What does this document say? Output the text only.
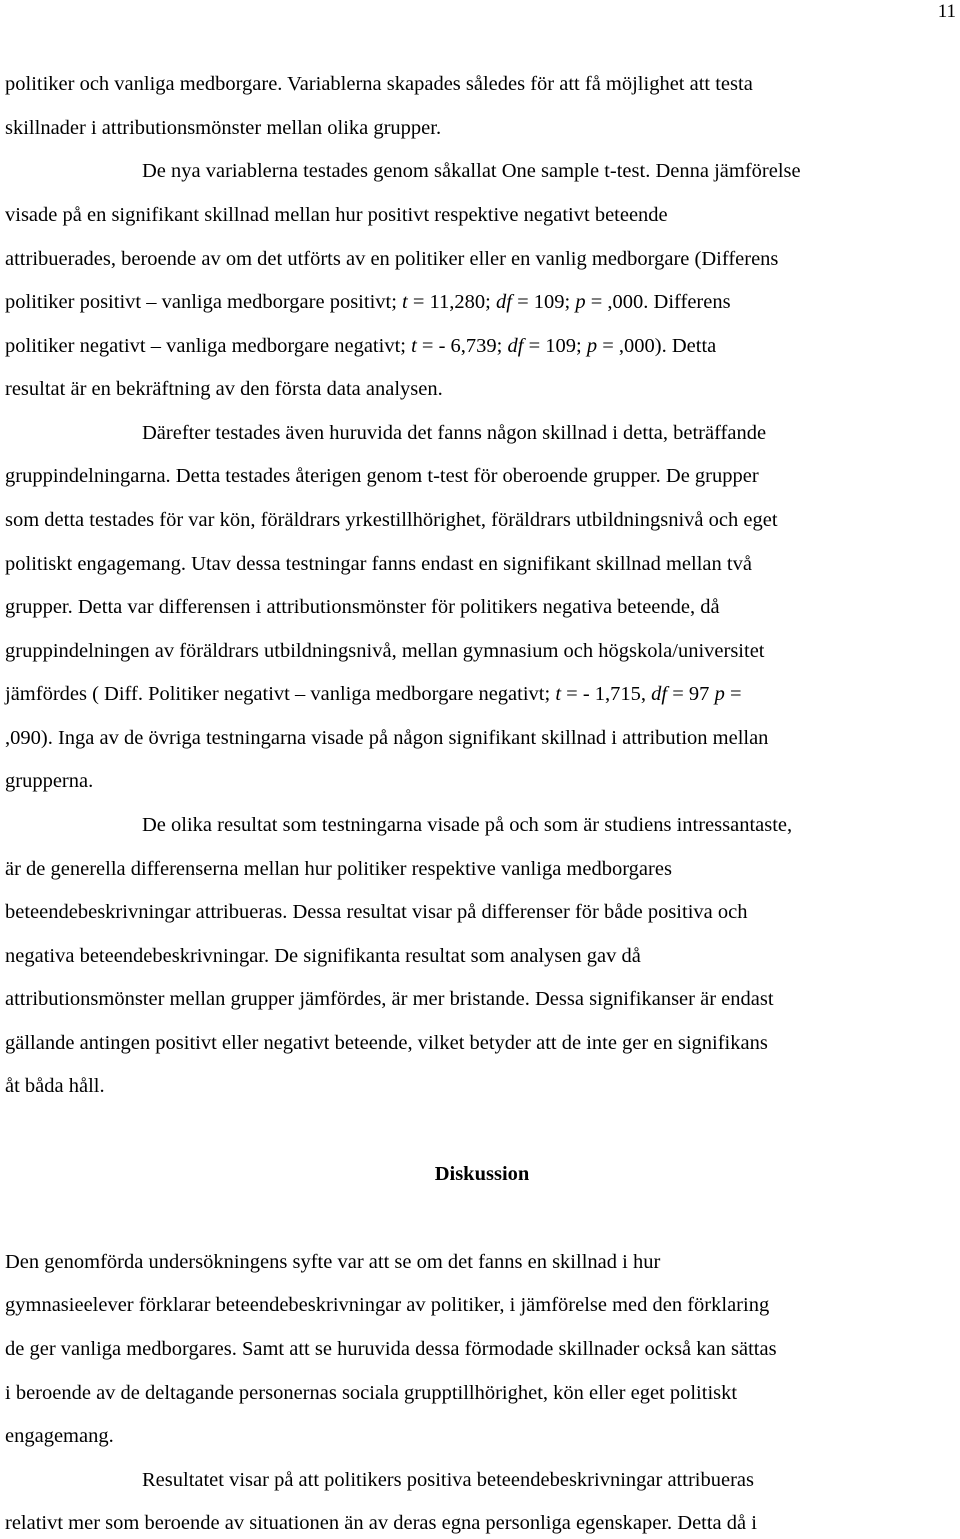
11
politiker och vanliga medborgare. Variablerna skapades således för att få möjlighet att testa
skillnader i attributionsmönster mellan olika grupper.
De nya variablerna testades genom såkallat One sample t-test. Denna jämförelse
visade på en signifikant skillnad mellan hur positivt respektive negativt beteende
attribuerades, beroende av om det utförts av en politiker eller en vanlig medborgare (Differens
politiker positivt – vanliga medborgare positivt; t = 11,280; df = 109; p = ,000. Differens
politiker negativt – vanliga medborgare negativt; t = - 6,739; df = 109; p = ,000). Detta
resultat är en bekräftning av den första data analysen.
Därefter testades även huruvida det fanns någon skillnad i detta, beträffande
gruppindelningarna. Detta testades återigen genom t-test för oberoende grupper. De grupper
som detta testades för var kön, föräldrars yrkestillhörighet, föräldrars utbildningsnivå och eget
politiskt engagemang. Utav dessa testningar fanns endast en signifikant skillnad mellan två
grupper. Detta var differensen i attributionsmönster för politikers negativa beteende, då
gruppindelningen av föräldrars utbildningsnivå, mellan gymnasium och högskola/universitet
jämfördes ( Diff. Politiker negativt – vanliga medborgare negativt; t = - 1,715, df = 97 p =
,090). Inga av de övriga testningarna visade på någon signifikant skillnad i attribution mellan
grupperna.
De olika resultat som testningarna visade på och som är studiens intressantaste,
är de generella differenserna mellan hur politiker respektive vanliga medborgares
beteendebeskrivningar attribueras. Dessa resultat visar på differenser för både positiva och
negativa beteendebeskrivningar. De signifikanta resultat som analysen gav då
attributionsmönster mellan grupper jämfördes, är mer bristande. Dessa signifikanser är endast
gällande antingen positivt eller negativt beteende, vilket betyder att de inte ger en signifikans
åt båda håll.
Diskussion
Den genomförda undersökningens syfte var att se om det fanns en skillnad i hur
gymnasieelever förklarar beteendebeskrivningar av politiker, i jämförelse med den förklaring
de ger vanliga medborgares. Samt att se huruvida dessa förmodade skillnader också kan sättas
i beroende av de deltagande personernas sociala grupptillhörighet, kön eller eget politiskt
engagemang.
Resultatet visar på att politikers positiva beteendebeskrivningar attribueras
relativt mer som beroende av situationen än av deras egna personliga egenskaper. Detta då i
